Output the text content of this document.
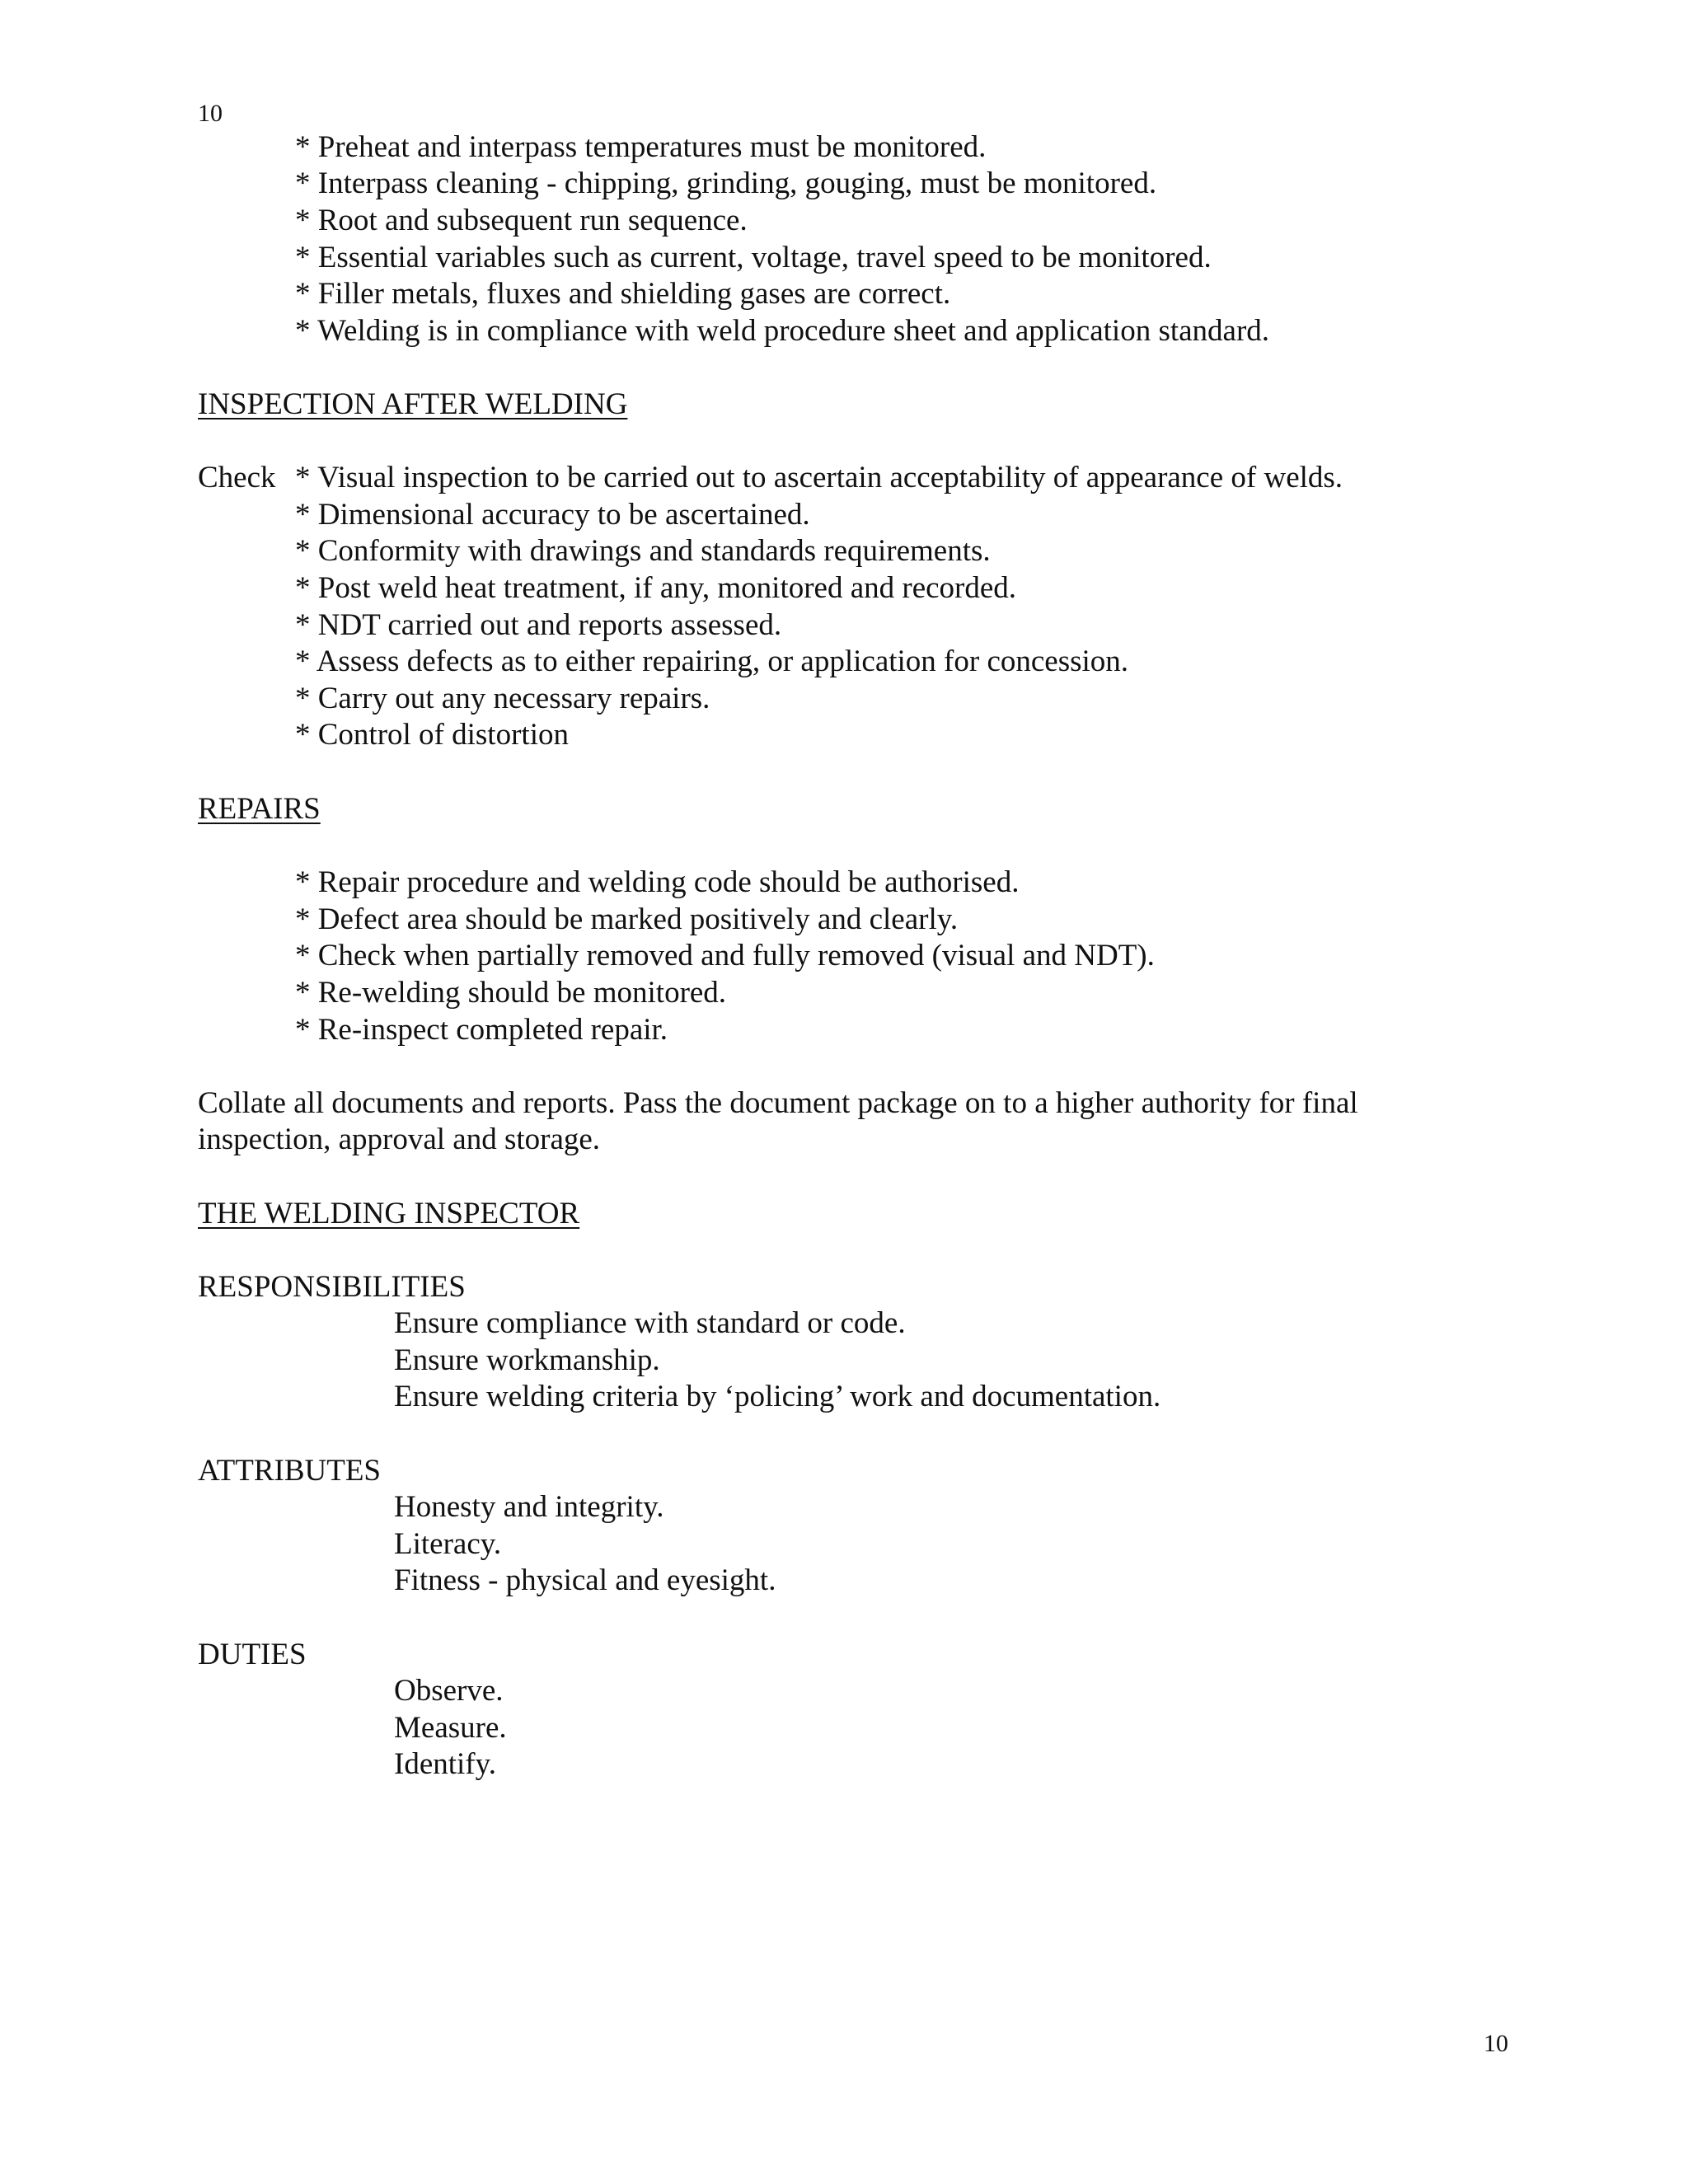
10
* Preheat and interpass temperatures must be monitored.
* Interpass cleaning - chipping, grinding, gouging, must be monitored.
* Root and subsequent run sequence.
* Essential variables such as current, voltage, travel speed to be monitored.
* Filler metals, fluxes and shielding gases are correct.
* Welding is in compliance with weld procedure sheet and application standard.
INSPECTION AFTER WELDING
Check * Visual inspection to be carried out to ascertain acceptability of appearance of welds.
* Dimensional accuracy to be ascertained.
* Conformity with drawings and standards requirements.
* Post weld heat treatment, if any, monitored and recorded.
* NDT carried out and reports assessed.
* Assess defects as to either repairing, or application for concession.
* Carry out any necessary repairs.
* Control of distortion
REPAIRS
* Repair procedure and welding code should be authorised.
* Defect area should be marked positively and clearly.
* Check when partially removed and fully removed (visual and NDT).
* Re-welding should be monitored.
* Re-inspect completed repair.
Collate all documents and reports. Pass the document package on to a higher authority for final
inspection, approval and storage.
THE WELDING INSPECTOR
RESPONSIBILITIES
Ensure compliance with standard or code.
Ensure workmanship.
Ensure welding criteria by ‘policing’ work and documentation.
ATTRIBUTES
Honesty and integrity.
Literacy.
Fitness - physical and eyesight.
DUTIES
Observe.
Measure.
Identify.
10
